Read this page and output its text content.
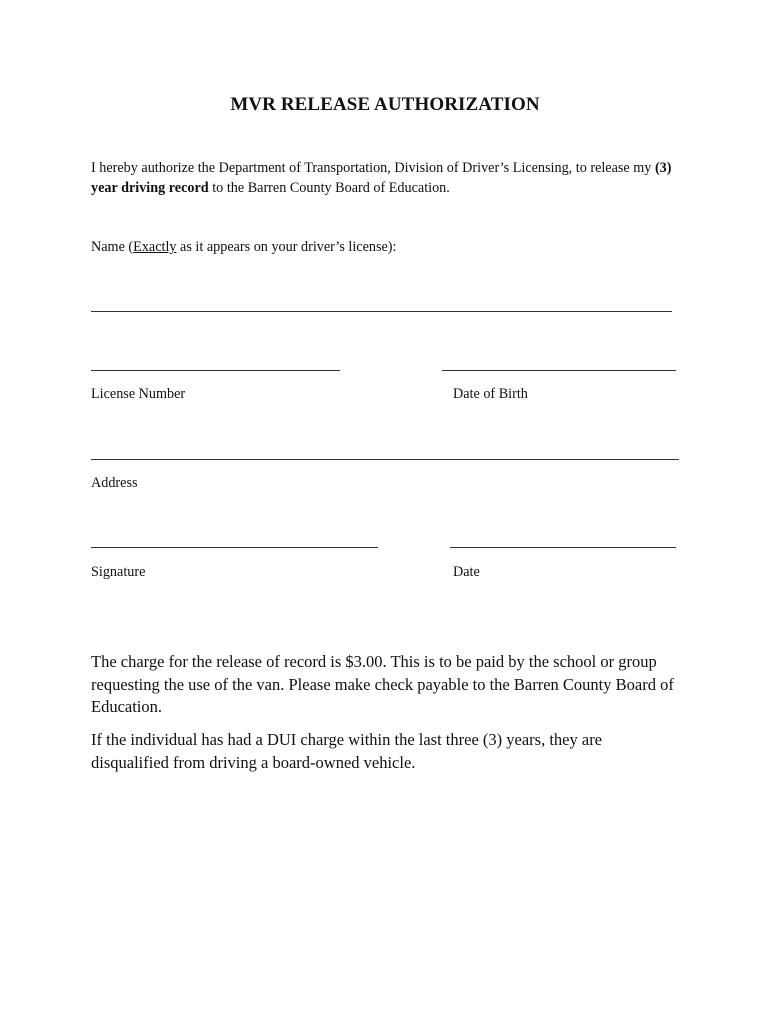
MVR RELEASE AUTHORIZATION
I hereby authorize the Department of Transportation, Division of Driver’s Licensing, to release my (3) year driving record to the Barren County Board of Education.
Name (Exactly as it appears on your driver’s license):
License Number	Date of Birth
Address
Signature	Date
The charge for the release of record is $3.00. This is to be paid by the school or group requesting the use of the van. Please make check payable to the Barren County Board of Education.
If the individual has had a DUI charge within the last three (3) years, they are disqualified from driving a board-owned vehicle.
